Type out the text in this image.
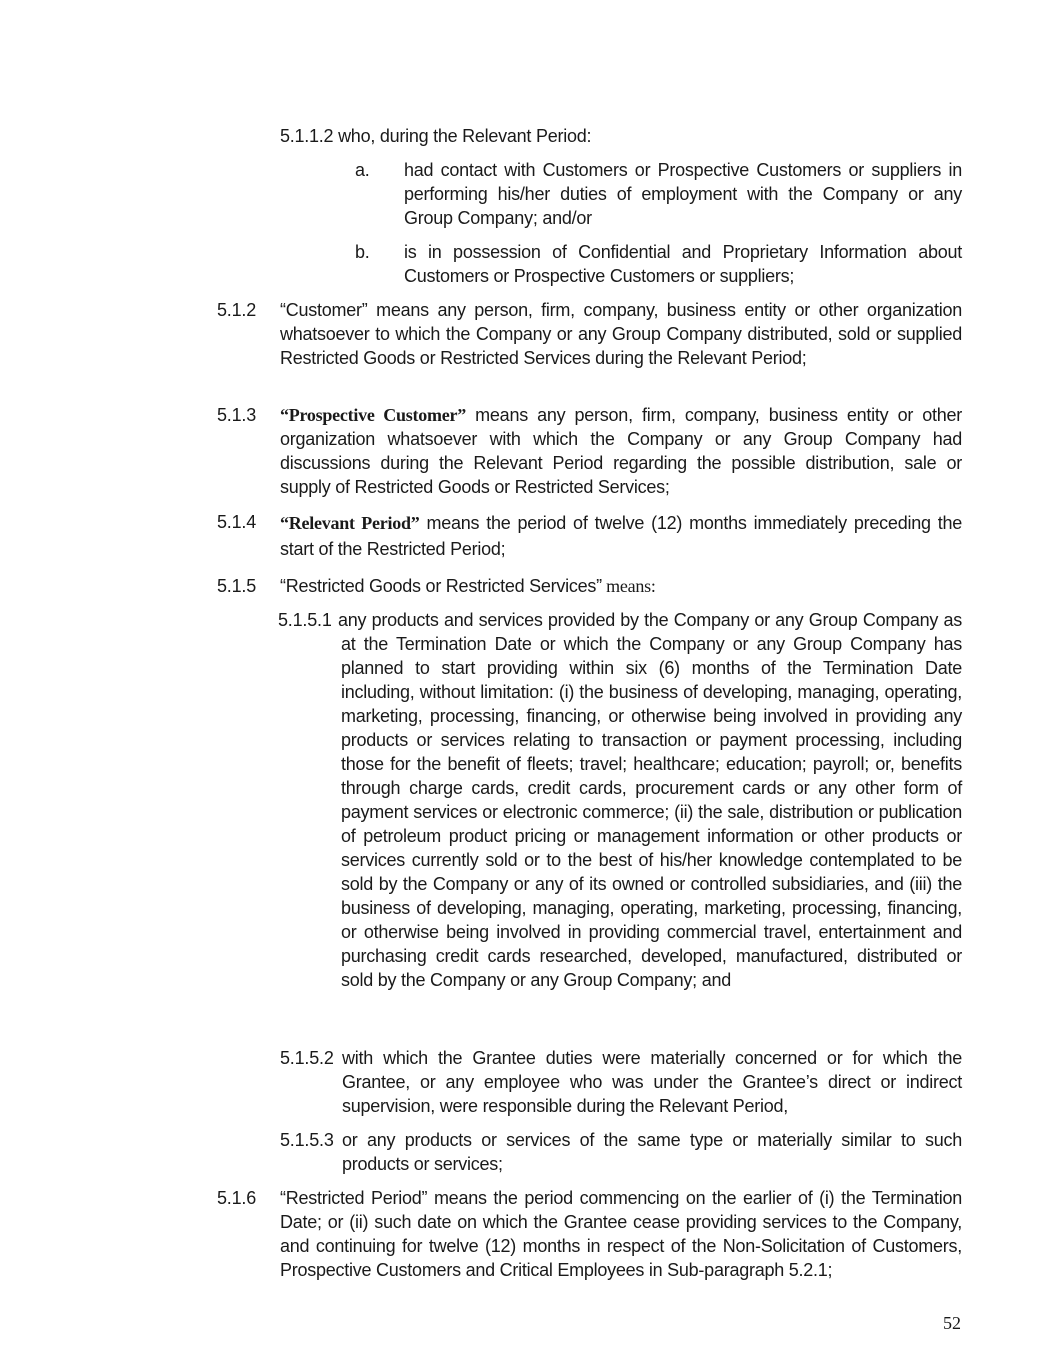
5.1.1.2 who, during the Relevant Period:
a. had contact with Customers or Prospective Customers or suppliers in performing his/her duties of employment with the Company or any Group Company; and/or
b. is in possession of Confidential and Proprietary Information about Customers or Prospective Customers or suppliers;
5.1.2 “Customer” means any person, firm, company, business entity or other organization whatsoever to which the Company or any Group Company distributed, sold or supplied Restricted Goods or Restricted Services during the Relevant Period;
5.1.3 “Prospective Customer” means any person, firm, company, business entity or other organization whatsoever with which the Company or any Group Company had discussions during the Relevant Period regarding the possible distribution, sale or supply of Restricted Goods or Restricted Services;
5.1.4 “Relevant Period” means the period of twelve (12) months immediately preceding the start of the Restricted Period;
5.1.5 “Restricted Goods or Restricted Services” means:
5.1.5.1 any products and services provided by the Company or any Group Company as at the Termination Date or which the Company or any Group Company has planned to start providing within six (6) months of the Termination Date including, without limitation: (i) the business of developing, managing, operating, marketing, processing, financing, or otherwise being involved in providing any products or services relating to transaction or payment processing, including those for the benefit of fleets; travel; healthcare; education; payroll; or, benefits through charge cards, credit cards, procurement cards or any other form of payment services or electronic commerce; (ii) the sale, distribution or publication of petroleum product pricing or management information or other products or services currently sold or to the best of his/her knowledge contemplated to be sold by the Company or any of its owned or controlled subsidiaries, and (iii) the business of developing, managing, operating, marketing, processing, financing, or otherwise being involved in providing commercial travel, entertainment and purchasing credit cards researched, developed, manufactured, distributed or sold by the Company or any Group Company; and
5.1.5.2 with which the Grantee duties were materially concerned or for which the Grantee, or any employee who was under the Grantee’s direct or indirect supervision, were responsible during the Relevant Period,
5.1.5.3 or any products or services of the same type or materially similar to such products or services;
5.1.6 “Restricted Period” means the period commencing on the earlier of (i) the Termination Date; or (ii) such date on which the Grantee cease providing services to the Company, and continuing for twelve (12) months in respect of the Non-Solicitation of Customers, Prospective Customers and Critical Employees in Sub-paragraph 5.2.1;
52
